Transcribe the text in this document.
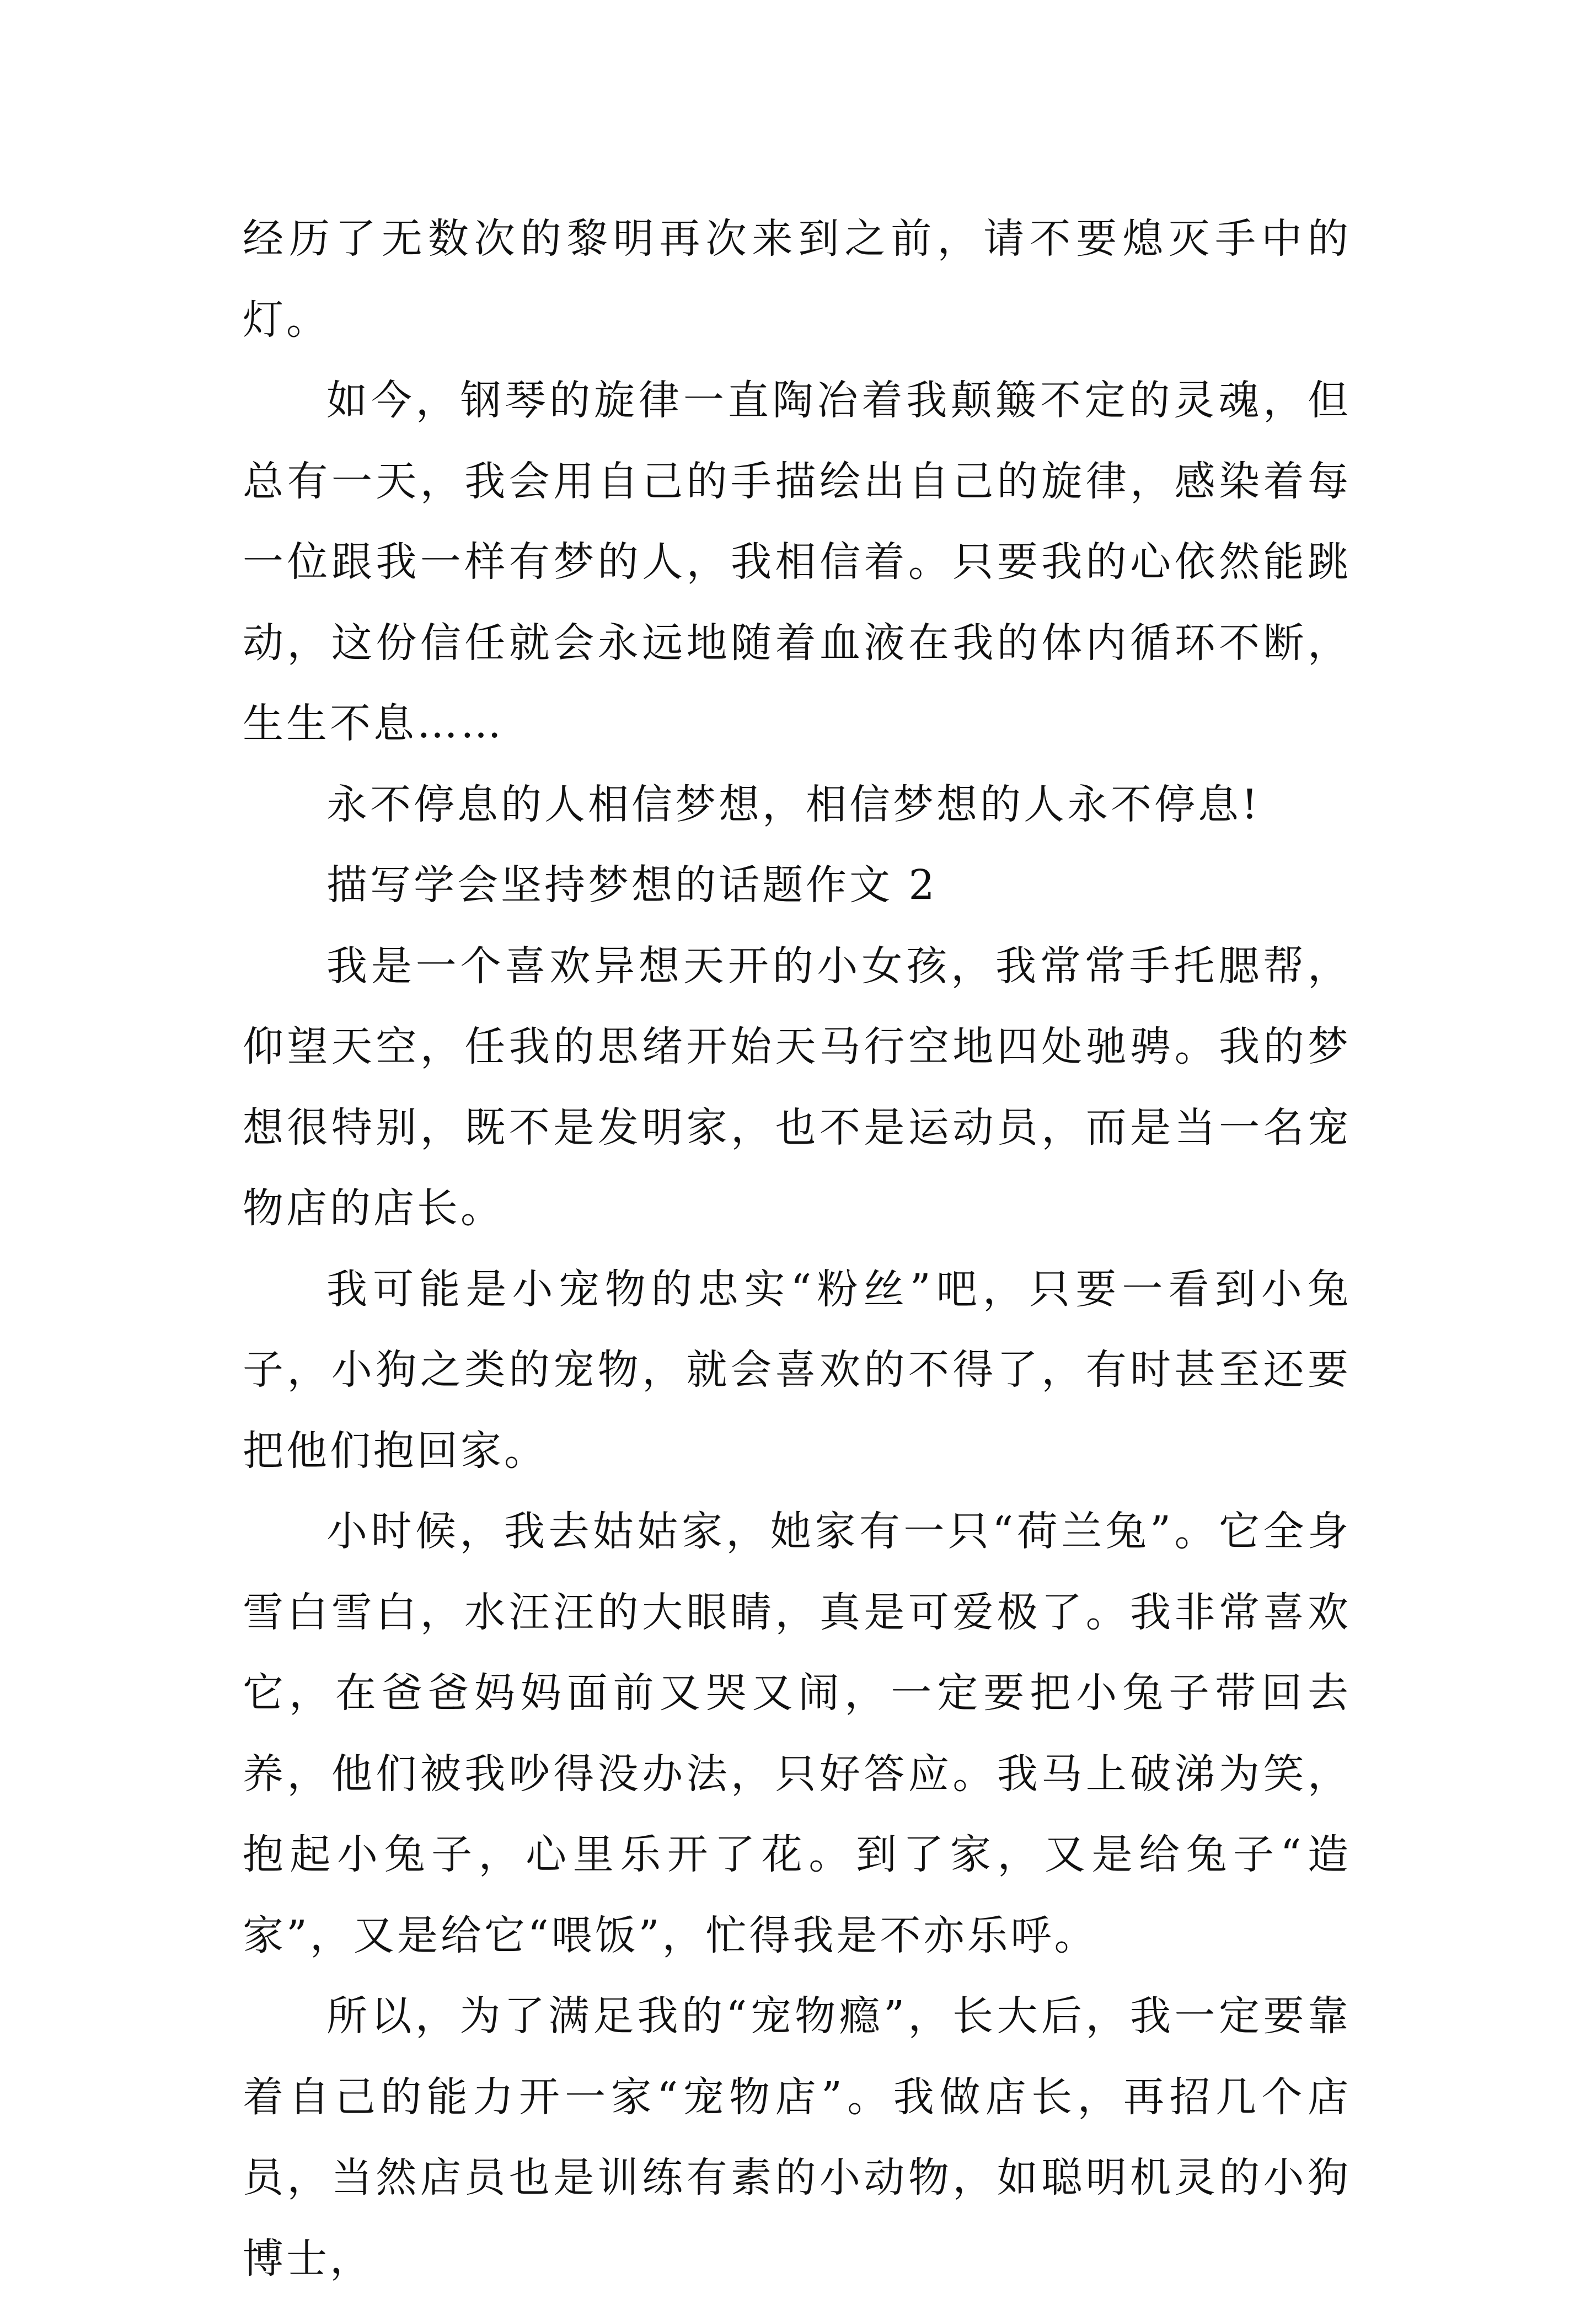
经历了无数次的黎明再次来到之前，请不要熄灭手中的灯。

如今，钢琴的旋律一直陶冶着我颠簸不定的灵魂，但总有一天，我会用自己的手描绘出自己的旋律，感染着每一位跟我一样有梦的人，我相信着。只要我的心依然能跳动，这份信任就会永远地随着血液在我的体内循环不断，生生不息……

永不停息的人相信梦想，相信梦想的人永不停息!

描写学会坚持梦想的话题作文 2

我是一个喜欢异想天开的小女孩，我常常手托腮帮，仰望天空，任我的思绪开始天马行空地四处驰骋。我的梦想很特别，既不是发明家，也不是运动员，而是当一名宠物店的店长。

我可能是小宠物的忠实“粉丝”吧，只要一看到小兔子，小狗之类的宠物，就会喜欢的不得了，有时甚至还要把他们抱回家。

小时候，我去姑姑家，她家有一只“荷兰兔”。它全身雪白雪白，水汪汪的大眼睛，真是可爱极了。我非常喜欢它，在爸爸妈妈面前又哭又闹，一定要把小兔子带回去养，他们被我吵得没办法，只好答应。我马上破涕为笑，抱起小兔子，心里乐开了花。到了家，又是给兔子“造家”，又是给它“喂饭”，忙得我是不亦乐呼。

所以，为了满足我的“宠物瘾”，长大后，我一定要靠着自己的能力开一家“宠物店”。我做店长，再招几个店员，当然店员也是训练有素的小动物，如聪明机灵的小狗博士，
